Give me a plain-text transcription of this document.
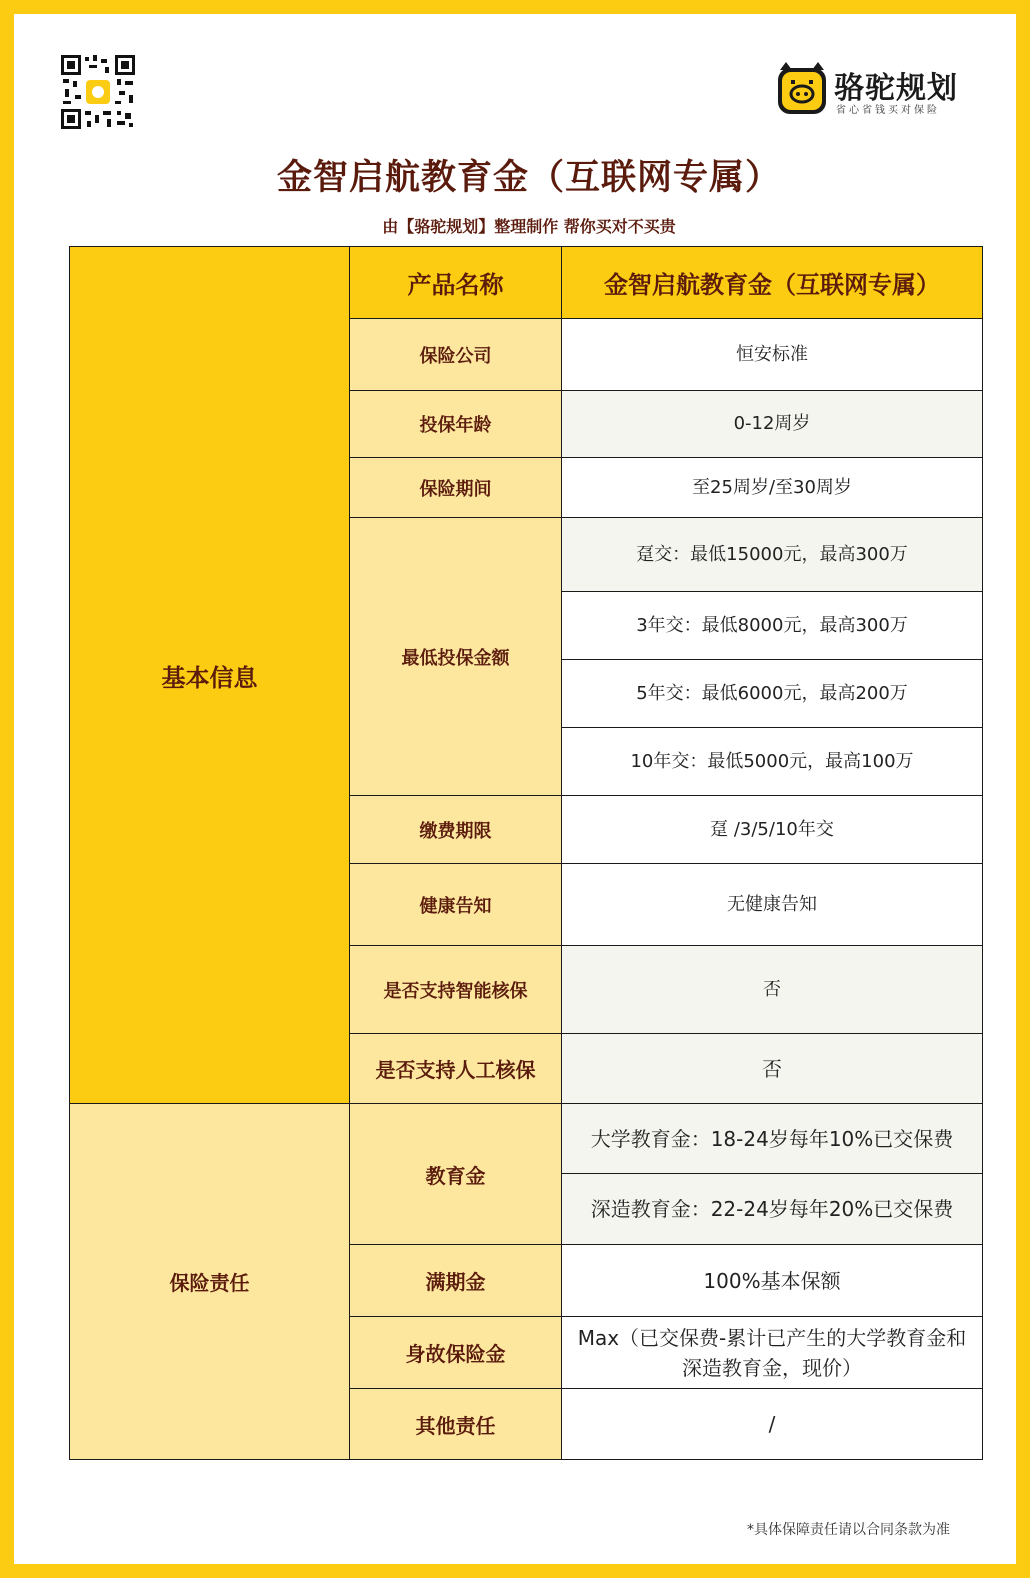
骆驼规划
省心省钱买对保险
金智启航教育金（互联网专属）
由【骆驼规划】整理制作 帮你买对不买贵
基本信息	产品名称	金智启航教育金（互联网专属）
	保险公司	恒安标准
	投保年龄	0-12周岁
	保险期间	至25周岁/至30周岁
	最低投保金额	趸交：最低15000元，最高300万
		3年交：最低8000元，最高300万
		5年交：最低6000元，最高200万
		10年交：最低5000元，最高100万
	缴费期限	趸 /3/5/10年交
	健康告知	无健康告知
	是否支持智能核保	否
	是否支持人工核保	否
保险责任	教育金	大学教育金：18-24岁每年10%已交保费
		深造教育金：22-24岁每年20%已交保费
	满期金	100%基本保额
	身故保险金	Max（已交保费-累计已产生的大学教育金和深造教育金，现价）
	其他责任	/
*具体保障责任请以合同条款为准
